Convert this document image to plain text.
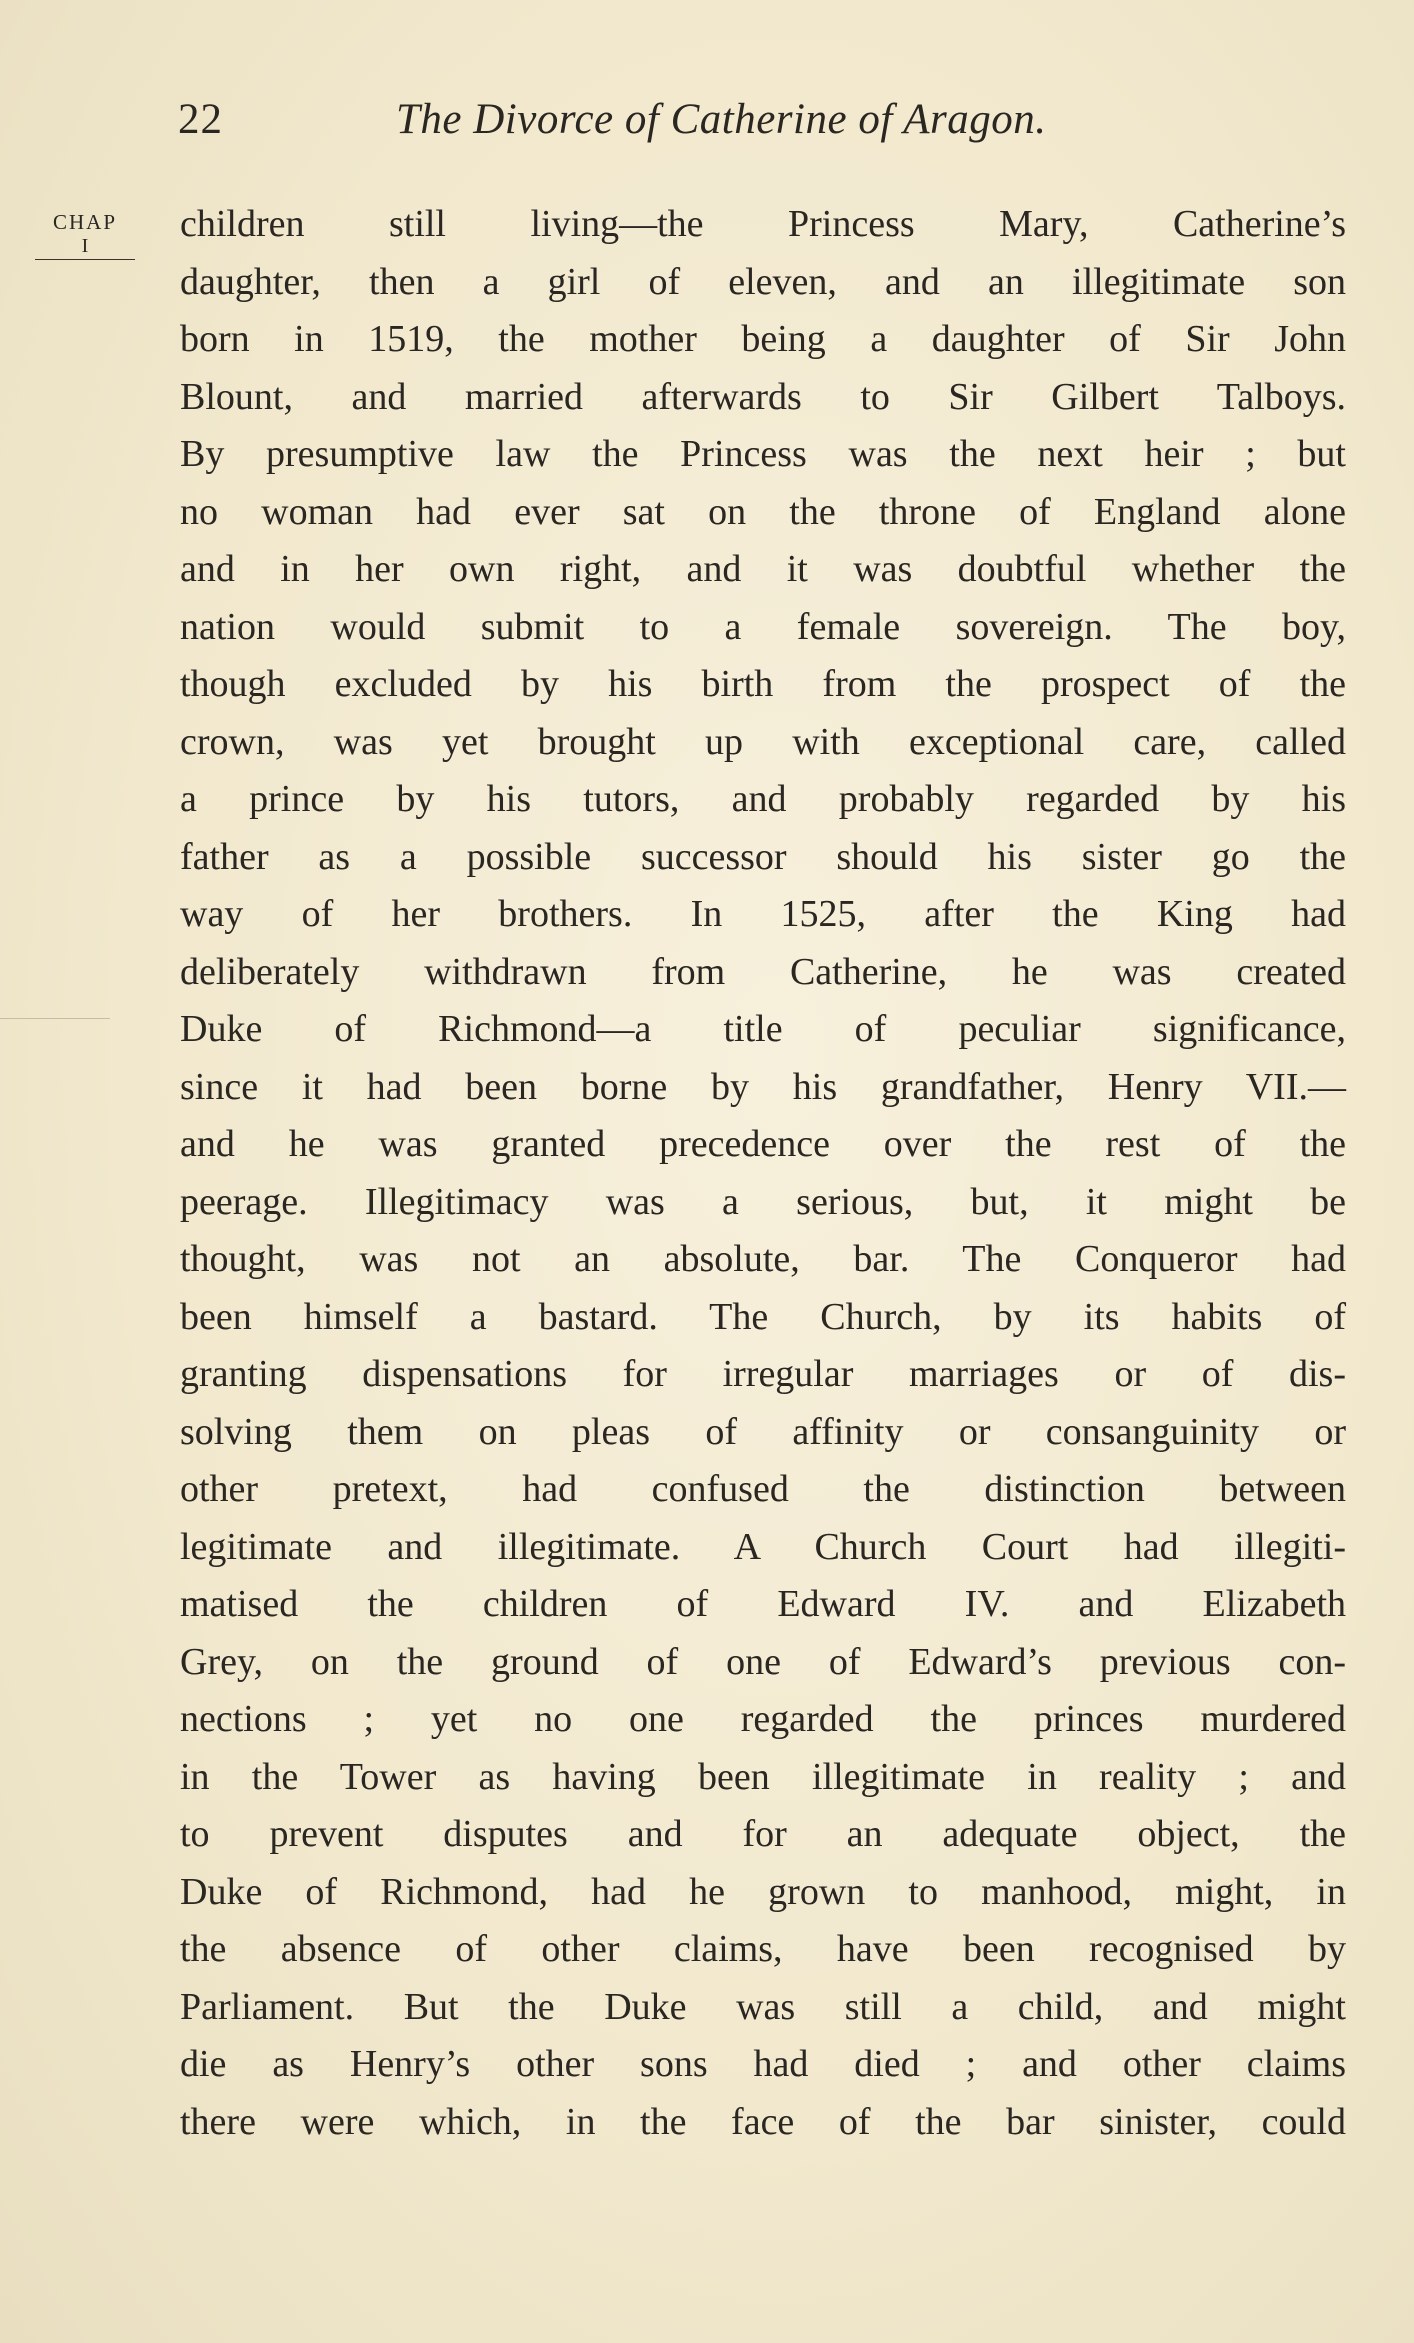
22	The Divorce of Catherine of Aragon.
CHAP
I
children still living—the Princess Mary, Catherine’s
daughter, then a girl of eleven, and an illegitimate son
born in 1519, the mother being a daughter of Sir John
Blount, and married afterwards to Sir Gilbert Talboys.
By presumptive law the Princess was the next heir ; but
no woman had ever sat on the throne of England alone
and in her own right, and it was doubtful whether the
nation would submit to a female sovereign. The boy,
though excluded by his birth from the prospect of the
crown, was yet brought up with exceptional care, called
a prince by his tutors, and probably regarded by his
father as a possible successor should his sister go the
way of her brothers. In 1525, after the King had
deliberately withdrawn from Catherine, he was created
Duke of Richmond—a title of peculiar significance,
since it had been borne by his grandfather, Henry VII.—
and he was granted precedence over the rest of the
peerage. Illegitimacy was a serious, but, it might be
thought, was not an absolute, bar. The Conqueror had
been himself a bastard. The Church, by its habits of
granting dispensations for irregular marriages or of dis-
solving them on pleas of affinity or consanguinity or
other pretext, had confused the distinction between
legitimate and illegitimate. A Church Court had illegiti-
matised the children of Edward IV. and Elizabeth
Grey, on the ground of one of Edward’s previous con-
nections ; yet no one regarded the princes murdered
in the Tower as having been illegitimate in reality ; and
to prevent disputes and for an adequate object, the
Duke of Richmond, had he grown to manhood, might, in
the absence of other claims, have been recognised by
Parliament. But the Duke was still a child, and might
die as Henry’s other sons had died ; and other claims
there were which, in the face of the bar sinister, could
